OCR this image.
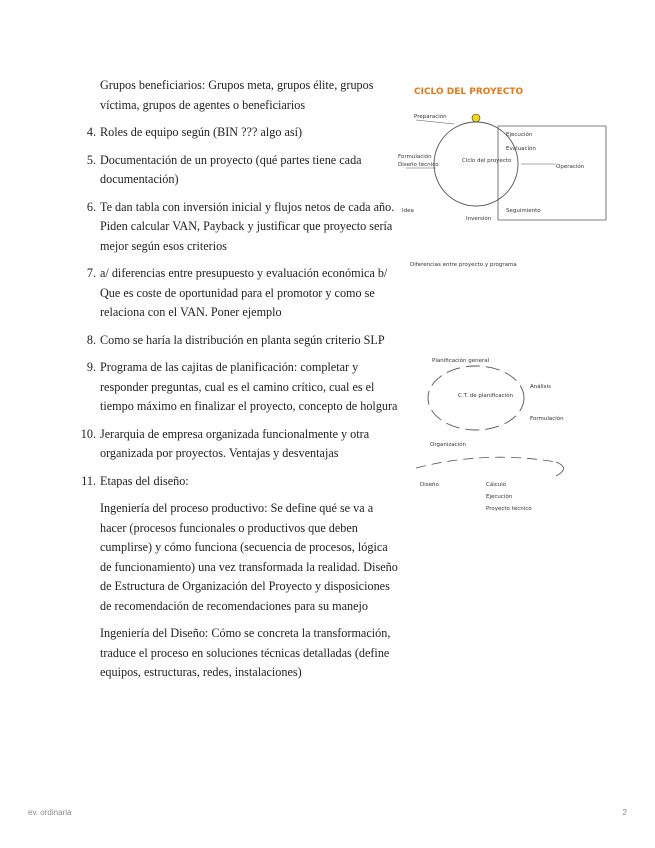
Grupos beneficiarios: Grupos meta, grupos élite, grupos víctima, grupos de agentes o beneficiarios

4. Roles de equipo según (BIN ??? algo así)
5. Documentación de un proyecto (qué partes tiene cada documentación)
6. Te dan tabla con inversión inicial y flujos netos de cada año. Piden calcular VAN, Payback y justificar que proyecto sería mejor según esos criterios
7. a/ diferencias entre presupuesto y evaluación económica b/ Que es coste de oportunidad para el promotor y como se relaciona con el VAN. Poner ejemplo
8. Como se haría la distribución en planta según criterio SLP
9. Programa de las cajitas de planificación: completar y responder preguntas, cual es el camino crítico, cual es el tiempo máximo en finalizar el proyecto, concepto de holgura
10. Jerarquia de empresa organizada funcionalmente y otra organizada por proyectos. Ventajas y desventajas
11. Etapas del diseño:

Ingeniería del proceso productivo: Se define qué se va a hacer (procesos funcionales o productivos que deben cumplirse) y cómo funciona (secuencia de procesos, lógica de funcionamiento) una vez transformada la realidad. Diseño de Estructura de Organización del Proyecto y disposiciones de recomendación de recomendaciones para su manejo

Ingeniería del Diseño: Cómo se concreta la transformación, traduce el proceso en soluciones técnicas detalladas (define equipos, estructuras, redes, instalaciones)

CICLO DEL PROYECTO
Ciclo del proyecto
Preparación
Formulación
Diseño técnico
Ejecución
Evaluación
Operación
Idea
Inversión
Seguimiento
Diferencias entre proyecto y programa
C.T. de planificación
Planificación general
Análisis
Formulación
Organización
Diseño	Cálculo
Ejecución
Proyecto técnico
ev. ordinaria	2
